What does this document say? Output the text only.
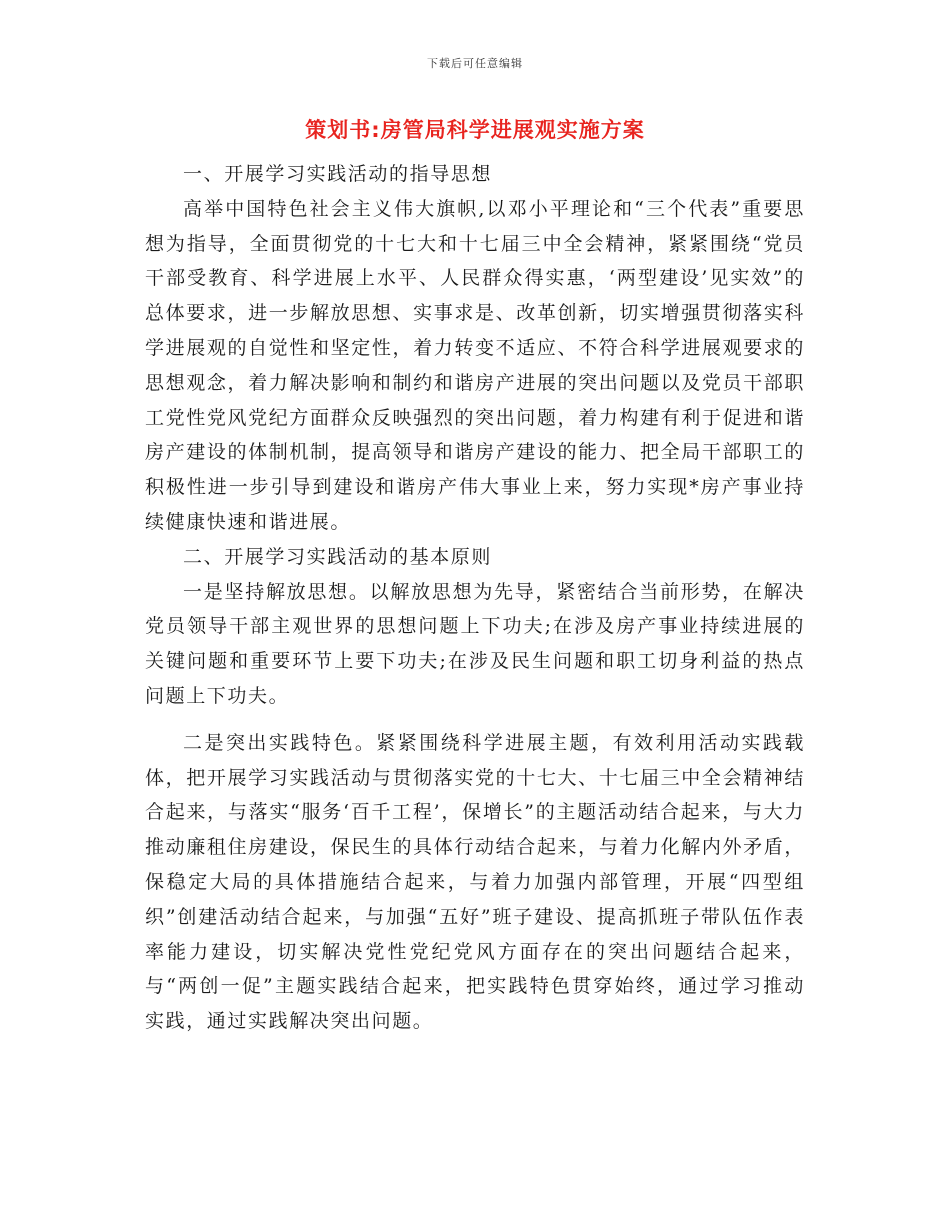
下载后可任意编辑
策划书:房管局科学进展观实施方案

一、开展学习实践活动的指导思想

高举中国特色社会主义伟大旗帜,以邓小平理论和“三个代表”重要思想为指导，全面贯彻党的十七大和十七届三中全会精神，紧紧围绕“党员干部受教育、科学进展上水平、人民群众得实惠，‘两型建设’见实效”的总体要求，进一步解放思想、实事求是、改革创新，切实增强贯彻落实科学进展观的自觉性和坚定性，着力转变不适应、不符合科学进展观要求的思想观念，着力解决影响和制约和谐房产进展的突出问题以及党员干部职工党性党风党纪方面群众反映强烈的突出问题，着力构建有利于促进和谐房产建设的体制机制，提高领导和谐房产建设的能力、把全局干部职工的积极性进一步引导到建设和谐房产伟大事业上来，努力实现*房产事业持续健康快速和谐进展。

二、开展学习实践活动的基本原则

一是坚持解放思想。以解放思想为先导，紧密结合当前形势，在解决党员领导干部主观世界的思想问题上下功夫;在涉及房产事业持续进展的关键问题和重要环节上要下功夫;在涉及民生问题和职工切身利益的热点问题上下功夫。

二是突出实践特色。紧紧围绕科学进展主题，有效利用活动实践载体，把开展学习实践活动与贯彻落实党的十七大、十七届三中全会精神结合起来，与落实“服务‘百千工程’，保增长”的主题活动结合起来，与大力推动廉租住房建设，保民生的具体行动结合起来，与着力化解内外矛盾，保稳定大局的具体措施结合起来，与着力加强内部管理，开展“四型组织”创建活动结合起来，与加强“五好”班子建设、提高抓班子带队伍作表率能力建设，切实解决党性党纪党风方面存在的突出问题结合起来，与“两创一促”主题实践结合起来，把实践特色贯穿始终，通过学习推动实践，通过实践解决突出问题。
